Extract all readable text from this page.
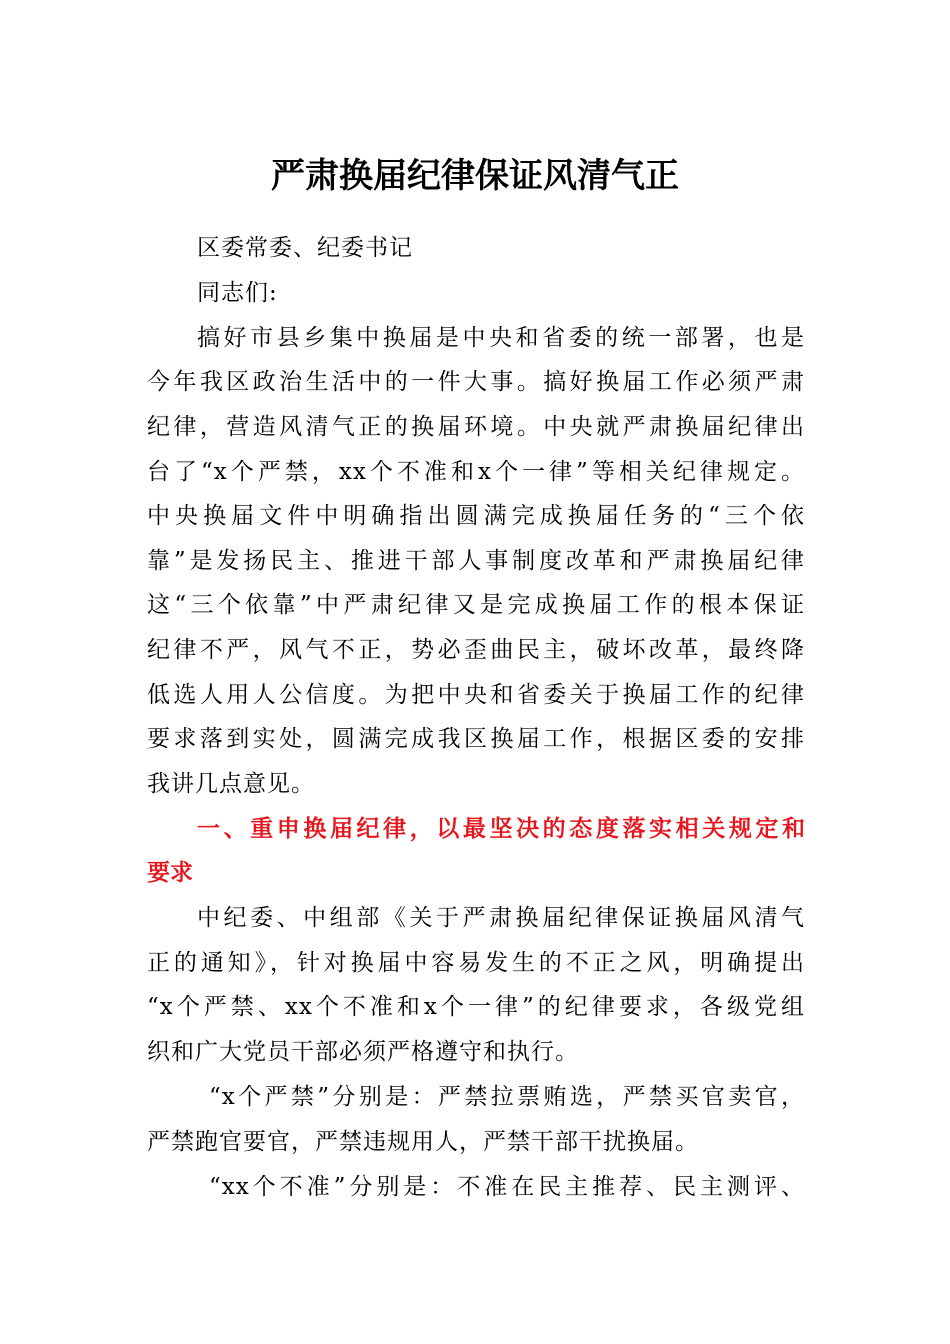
严肃换届纪律保证风清气正
区委常委、纪委书记
同志们:
搞好市县乡集中换届是中央和省委的统一部署，也是
今年我区政治生活中的一件大事。搞好换届工作必须严肃
纪律，营造风清气正的换届环境。中央就严肃换届纪律出
台了“x个严禁，xx个不准和x个一律”等相关纪律规定。
中央换届文件中明确指出圆满完成换届任务的“三个依
靠”是发扬民主、推进干部人事制度改革和严肃换届纪律
这“三个依靠”中严肃纪律又是完成换届工作的根本保证
纪律不严，风气不正，势必歪曲民主，破坏改革，最终降
低选人用人公信度。为把中央和省委关于换届工作的纪律
要求落到实处，圆满完成我区换届工作，根据区委的安排
我讲几点意见。
一、重申换届纪律，以最坚决的态度落实相关规定和
要求
中纪委、中组部《关于严肃换届纪律保证换届风清气
正的通知》，针对换届中容易发生的不正之风，明确提出
“x个严禁、xx个不准和x个一律”的纪律要求，各级党组
织和广大党员干部必须严格遵守和执行。
“x个严禁”分别是：严禁拉票贿选，严禁买官卖官，
严禁跑官要官，严禁违规用人，严禁干部干扰换届。
“xx个不准”分别是：不准在民主推荐、民主测评、
